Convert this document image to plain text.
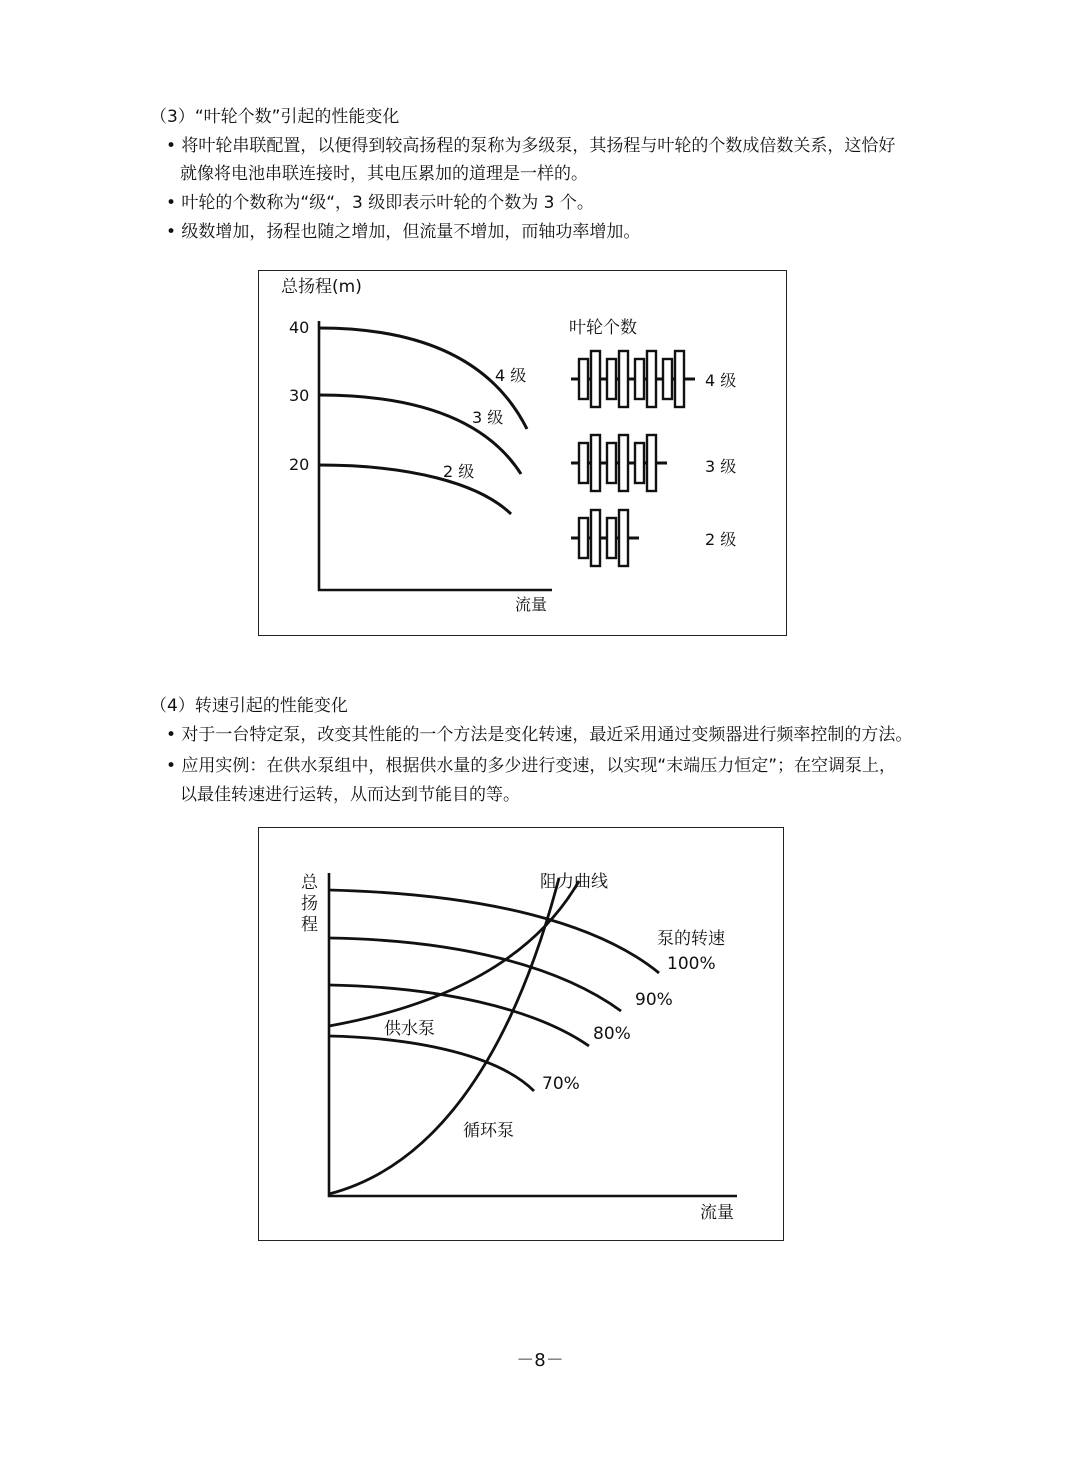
（3）“叶轮个数”引起的性能变化
• 将叶轮串联配置，以便得到较高扬程的泵称为多级泵，其扬程与叶轮的个数成倍数关系，这恰好
就像将电池串联连接时，其电压累加的道理是一样的。
• 叶轮的个数称为“级“，3 级即表示叶轮的个数为 3 个。
• 级数增加，扬程也随之增加，但流量不增加，而轴功率增加。
总扬程(m)
40
30
20
4 级
3 级
2 级
流量
叶轮个数
4 级
3 级
2 级
（4）转速引起的性能变化
• 对于一台特定泵，改变其性能的一个方法是变化转速，最近采用通过变频器进行频率控制的方法。
• 应用实例：在供水泵组中，根据供水量的多少进行变速，以实现“末端压力恒定”；在空调泵上，
以最佳转速进行运转，从而达到节能目的等。
总
扬
程
阻力曲线
泵的转速
100%
90%
80%
70%
供水泵
循环泵
流量
－8－
